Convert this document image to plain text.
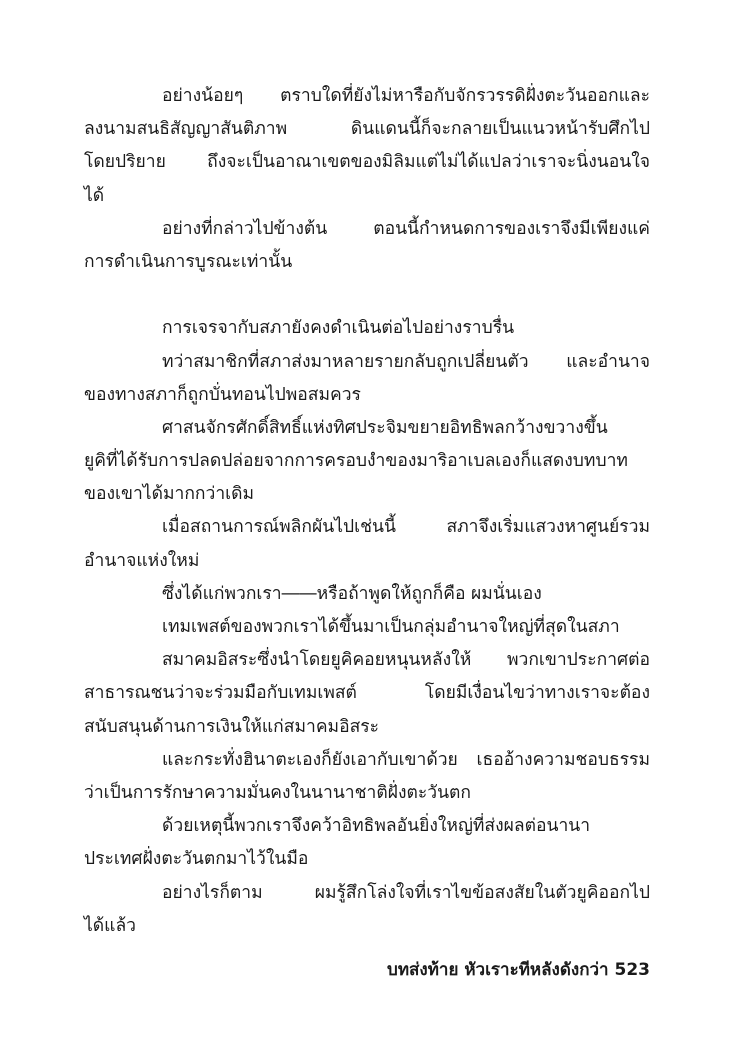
อย่างน้อยๆ ตราบใดที่ยังไม่หารือกับจักรวรรดิฝั่งตะวันออกและ
ลงนามสนธิสัญญาสันติภาพ ดินแดนนี้ก็จะกลายเป็นแนวหน้ารับศึกไป
โดยปริยาย ถึงจะเป็นอาณาเขตของมิลิมแต่ไม่ได้แปลว่าเราจะนิ่งนอนใจ
ได้
อย่างที่กล่าวไปข้างต้น ตอนนี้กำหนดการของเราจึงมีเพียงแค่
การดำเนินการบูรณะเท่านั้น
การเจรจากับสภายังคงดำเนินต่อไปอย่างราบรื่น
ทว่าสมาชิกที่สภาส่งมาหลายรายกลับถูกเปลี่ยนตัว และอำนาจ
ของทางสภาก็ถูกบั่นทอนไปพอสมควร
ศาสนจักรศักดิ์สิทธิ์แห่งทิศประจิมขยายอิทธิพลกว้างขวางขึ้น
ยูคิที่ได้รับการปลดปล่อยจากการครอบงำของมาริอาเบลเองก็แสดงบทบาท
ของเขาได้มากกว่าเดิม
เมื่อสถานการณ์พลิกผันไปเช่นนี้ สภาจึงเริ่มแสวงหาศูนย์รวม
อำนาจแห่งใหม่
ซึ่งได้แก่พวกเรา――หรือถ้าพูดให้ถูกก็คือ ผมนั่นเอง
เทมเพสต์ของพวกเราได้ขึ้นมาเป็นกลุ่มอำนาจใหญ่ที่สุดในสภา
สมาคมอิสระซึ่งนำโดยยูคิคอยหนุนหลังให้ พวกเขาประกาศต่อ
สาธารณชนว่าจะร่วมมือกับเทมเพสต์ โดยมีเงื่อนไขว่าทางเราจะต้อง
สนับสนุนด้านการเงินให้แก่สมาคมอิสระ
และกระทั่งฮินาตะเองก็ยังเอากับเขาด้วย เธออ้างความชอบธรรม
ว่าเป็นการรักษาความมั่นคงในนานาชาติฝั่งตะวันตก
ด้วยเหตุนี้พวกเราจึงคว้าอิทธิพลอันยิ่งใหญ่ที่ส่งผลต่อนานา
ประเทศฝั่งตะวันตกมาไว้ในมือ
อย่างไรก็ตาม ผมรู้สึกโล่งใจที่เราไขข้อสงสัยในตัวยูคิออกไป
ได้แล้ว
บทส่งท้าย หัวเราะทีหลังดังกว่า 523
